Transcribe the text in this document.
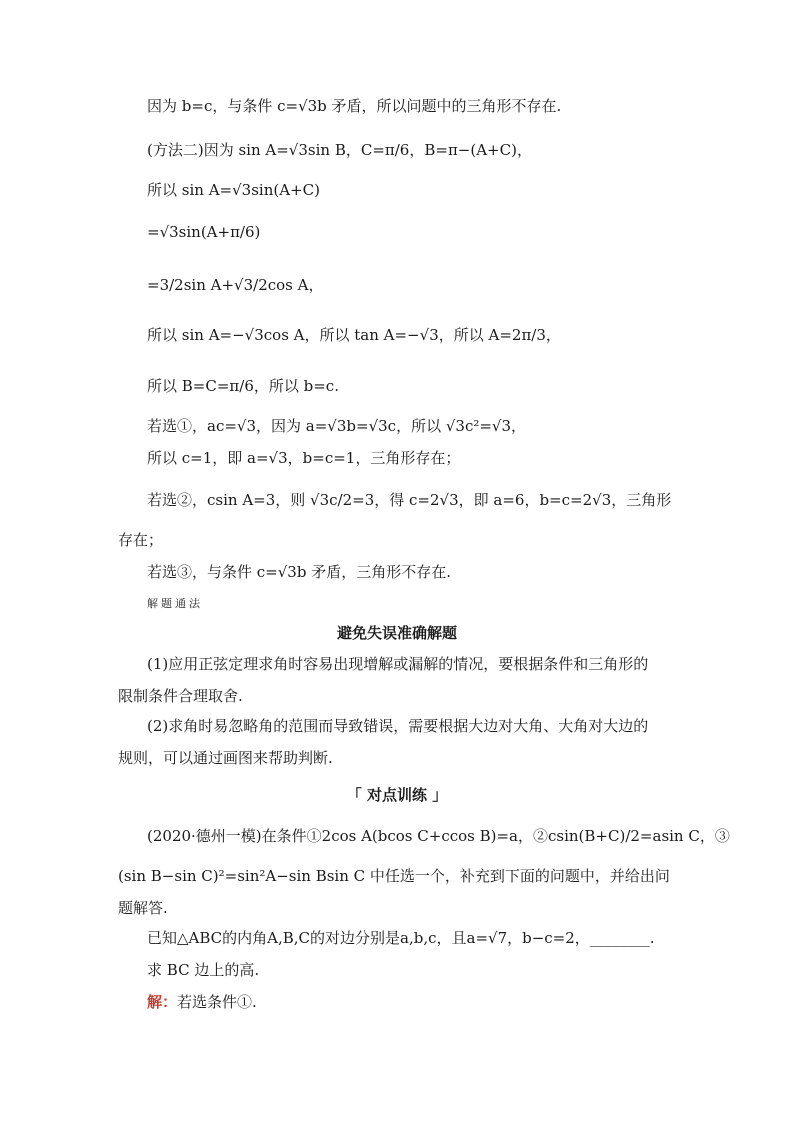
因为 b=c，与条件 c=√3b 矛盾，所以问题中的三角形不存在.
(方法二)因为 sin A=√3sin B，C=π/6，B=π−(A+C)，
所以 sin A=√3sin(A+C)
=√3sin(A+π/6)
=3/2sin A+√3/2cos A，
所以 sin A=−√3cos A，所以 tan A=−√3，所以 A=2π/3，
所以 B=C=π/6，所以 b=c.
若选①，ac=√3，因为 a=√3b=√3c，所以 √3c²=√3，
所以 c=1，即 a=√3，b=c=1，三角形存在；
若选②，csin A=3，则 √3c/2=3，得 c=2√3，即 a=6，b=c=2√3，三角形
存在；
若选③，与条件 c=√3b 矛盾，三角形不存在.
解题通法
避免失误准确解题
(1)应用正弦定理求角时容易出现增解或漏解的情况，要根据条件和三角形的
限制条件合理取舍.
(2)求角时易忽略角的范围而导致错误，需要根据大边对大角、大角对大边的
规则，可以通过画图来帮助判断.
「 对点训练 」
(2020·德州一模)在条件①2cos A(bcos C+ccos B)=a，②csin(B+C)/2=asin C，③
(sin B−sin C)²=sin²A−sin Bsin C 中任选一个，补充到下面的问题中，并给出问
题解答.
已知△ABC的内角A,B,C的对边分别是a,b,c，且a=√7，b−c=2，________.
求 BC 边上的高.
解：若选条件①.
